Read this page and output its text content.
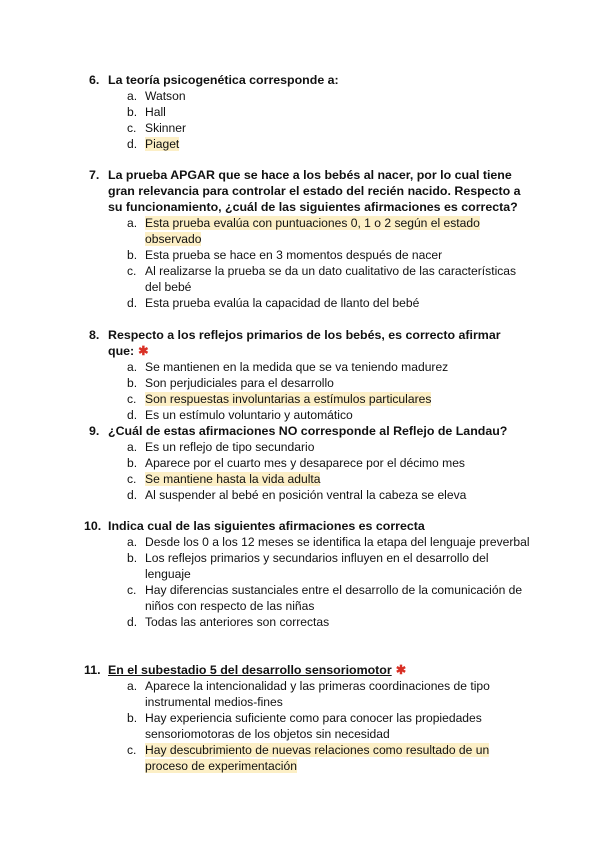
6. La teoría psicogenética corresponde a:
a. Watson
b. Hall
c. Skinner
d. Piaget
7. La prueba APGAR que se hace a los bebés al nacer, por lo cual tiene gran relevancia para controlar el estado del recién nacido. Respecto a su funcionamiento, ¿cuál de las siguientes afirmaciones es correcta?
a. Esta prueba evalúa con puntuaciones 0, 1 o 2 según el estado observado
b. Esta prueba se hace en 3 momentos después de nacer
c. Al realizarse la prueba se da un dato cualitativo de las características del bebé
d. Esta prueba evalúa la capacidad de llanto del bebé
8. Respecto a los reflejos primarios de los bebés, es correcto afirmar que: ✱
a. Se mantienen en la medida que se va teniendo madurez
b. Son perjudiciales para el desarrollo
c. Son respuestas involuntarias a estímulos particulares
d. Es un estímulo voluntario y automático
9. ¿Cuál de estas afirmaciones NO corresponde al Reflejo de Landau?
a. Es un reflejo de tipo secundario
b. Aparece por el cuarto mes y desaparece por el décimo mes
c. Se mantiene hasta la vida adulta
d. Al suspender al bebé en posición ventral la cabeza se eleva
10. Indica cual de las siguientes afirmaciones es correcta
a. Desde los 0 a los 12 meses se identifica la etapa del lenguaje preverbal
b. Los reflejos primarios y secundarios influyen en el desarrollo del lenguaje
c. Hay diferencias sustanciales entre el desarrollo de la comunicación de niños con respecto de las niñas
d. Todas las anteriores son correctas
11. En el subestadio 5 del desarrollo sensoriomotor ✱
a. Aparece la intencionalidad y las primeras coordinaciones de tipo instrumental medios-fines
b. Hay experiencia suficiente como para conocer las propiedades sensoriomotoras de los objetos sin necesidad
c. Hay descubrimiento de nuevas relaciones como resultado de un proceso de experimentación
